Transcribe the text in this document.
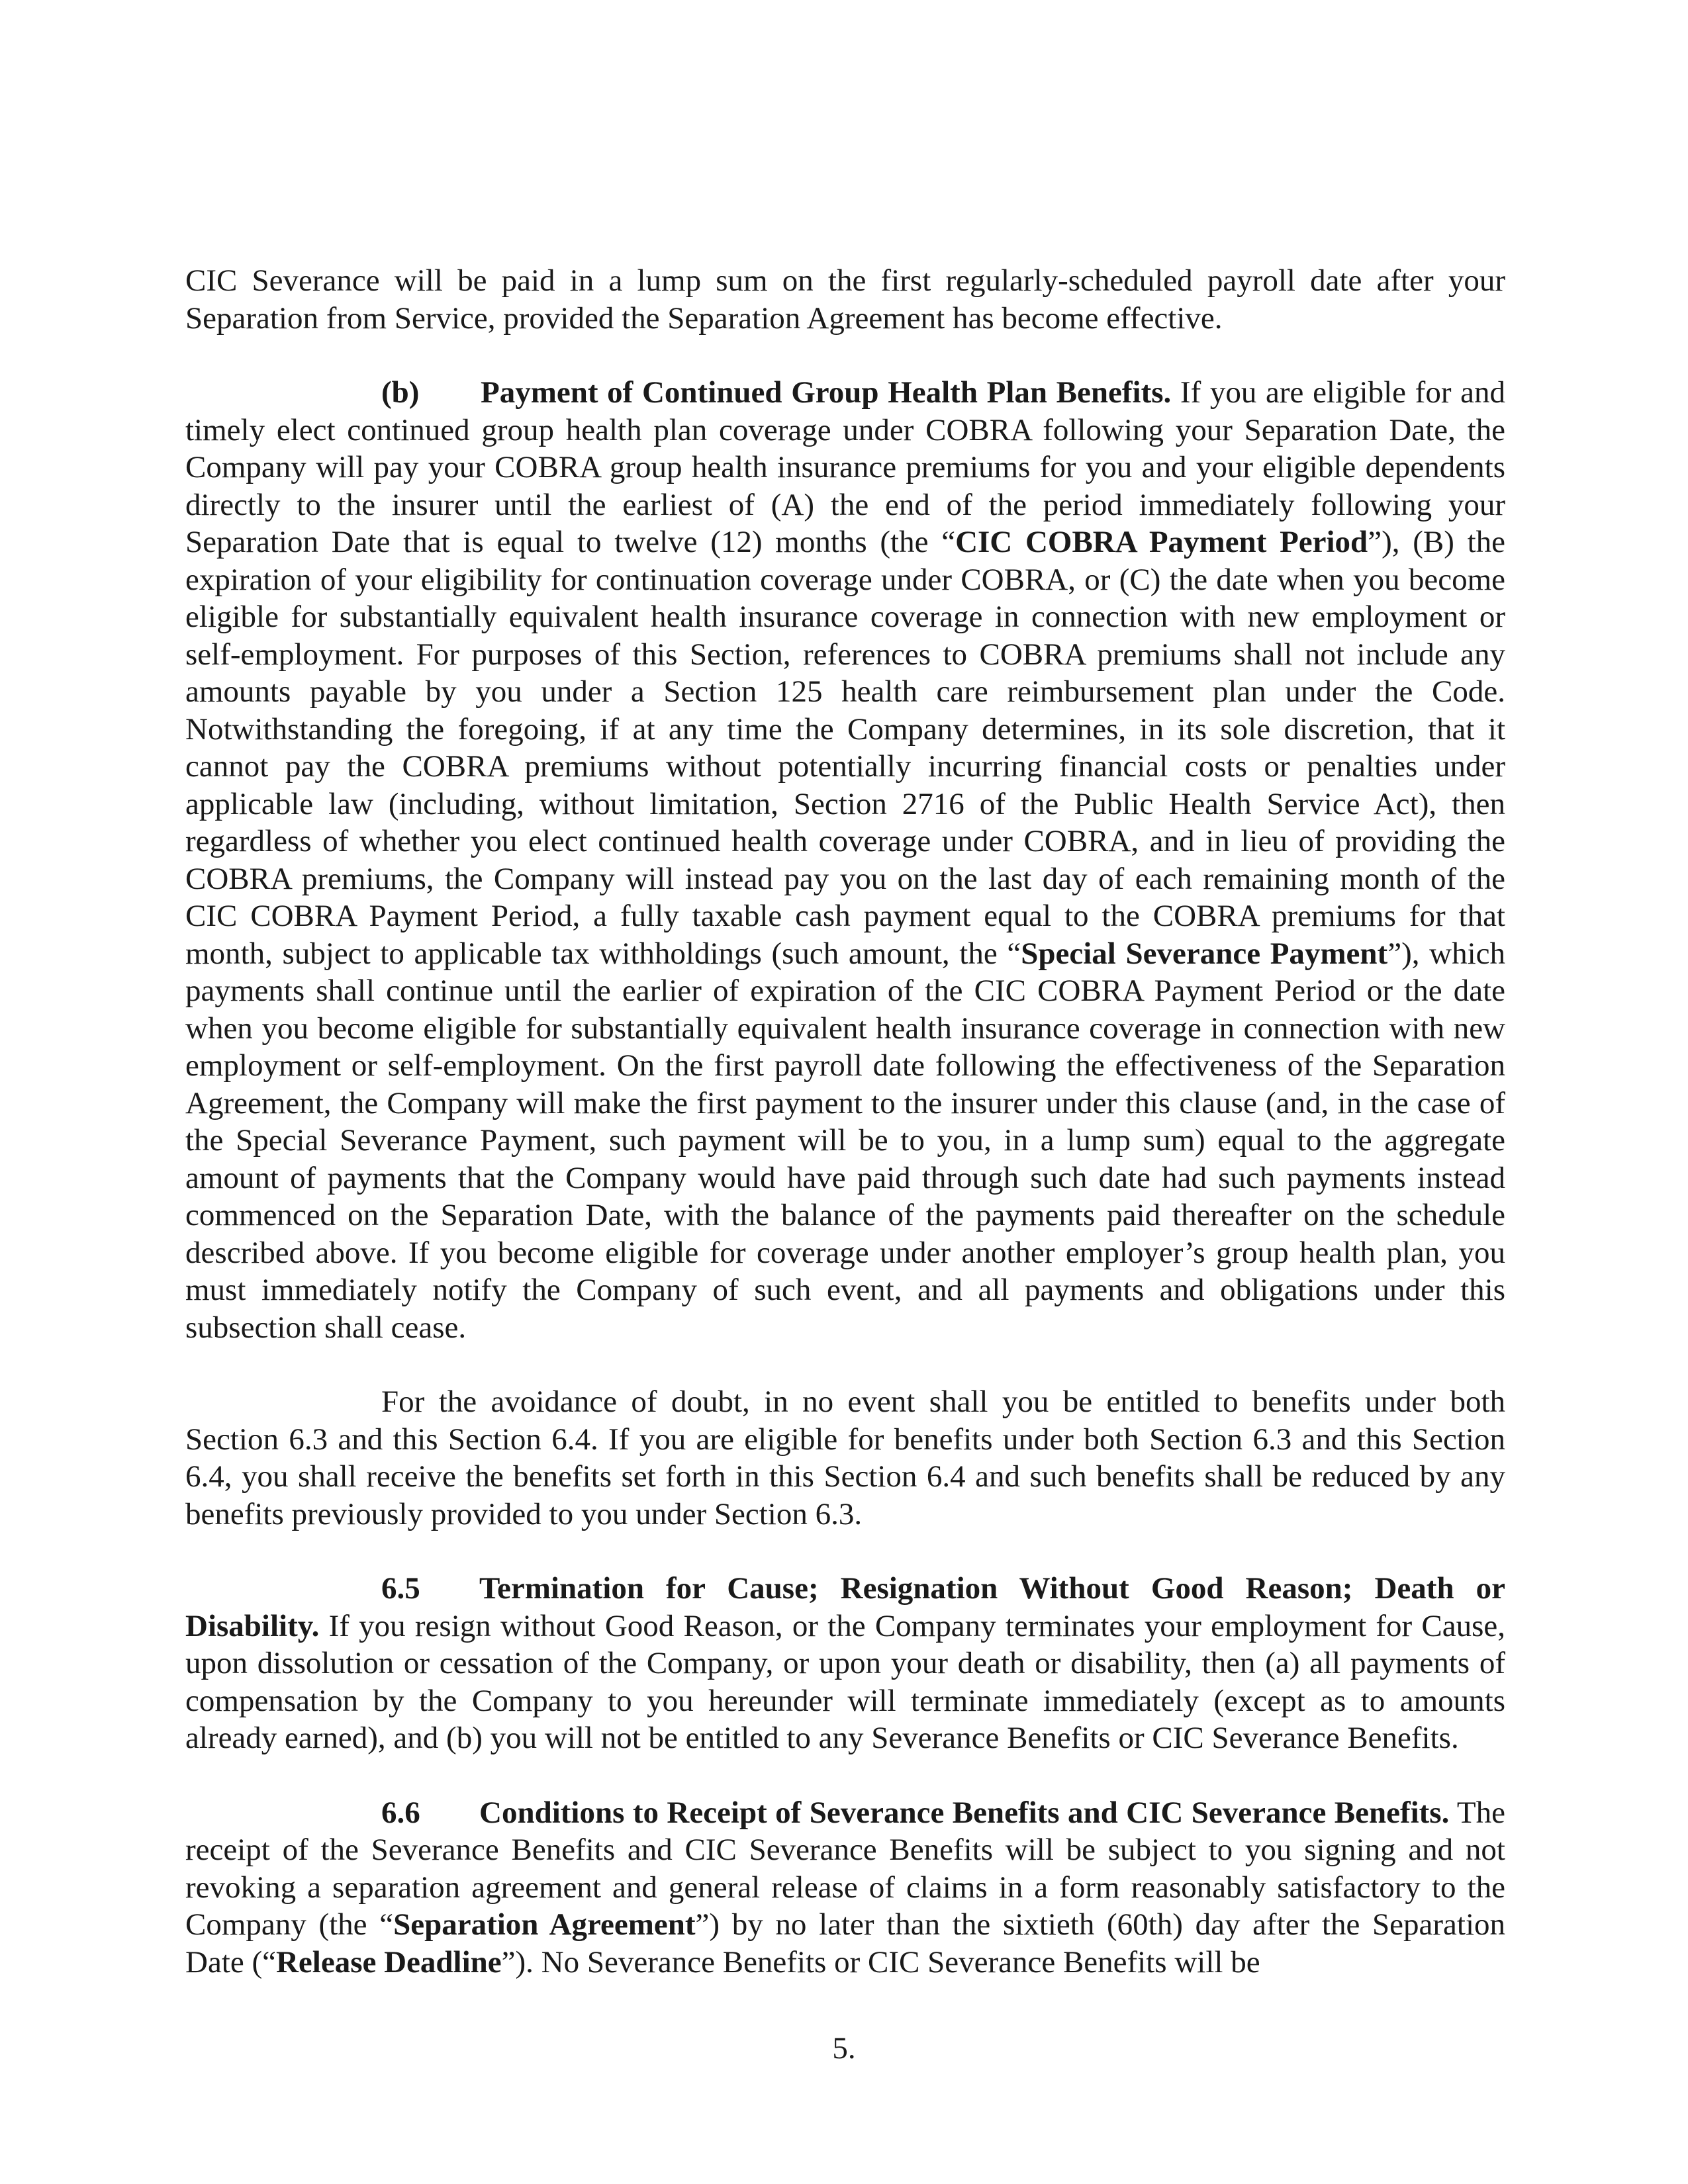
CIC Severance will be paid in a lump sum on the first regularly-scheduled payroll date after your Separation from Service, provided the Separation Agreement has become effective.

(b) Payment of Continued Group Health Plan Benefits. If you are eligible for and timely elect continued group health plan coverage under COBRA following your Separation Date, the Company will pay your COBRA group health insurance premiums for you and your eligible dependents directly to the insurer until the earliest of (A) the end of the period immediately following your Separation Date that is equal to twelve (12) months (the “CIC COBRA Payment Period”), (B) the expiration of your eligibility for continuation coverage under COBRA, or (C) the date when you become eligible for substantially equivalent health insurance coverage in connection with new employment or self-employment. For purposes of this Section, references to COBRA premiums shall not include any amounts payable by you under a Section 125 health care reimbursement plan under the Code. Notwithstanding the foregoing, if at any time the Company determines, in its sole discretion, that it cannot pay the COBRA premiums without potentially incurring financial costs or penalties under applicable law (including, without limitation, Section 2716 of the Public Health Service Act), then regardless of whether you elect continued health coverage under COBRA, and in lieu of providing the COBRA premiums, the Company will instead pay you on the last day of each remaining month of the CIC COBRA Payment Period, a fully taxable cash payment equal to the COBRA premiums for that month, subject to applicable tax withholdings (such amount, the “Special Severance Payment”), which payments shall continue until the earlier of expiration of the CIC COBRA Payment Period or the date when you become eligible for substantially equivalent health insurance coverage in connection with new employment or self-employment. On the first payroll date following the effectiveness of the Separation Agreement, the Company will make the first payment to the insurer under this clause (and, in the case of the Special Severance Payment, such payment will be to you, in a lump sum) equal to the aggregate amount of payments that the Company would have paid through such date had such payments instead commenced on the Separation Date, with the balance of the payments paid thereafter on the schedule described above. If you become eligible for coverage under another employer’s group health plan, you must immediately notify the Company of such event, and all payments and obligations under this subsection shall cease.

For the avoidance of doubt, in no event shall you be entitled to benefits under both Section 6.3 and this Section 6.4. If you are eligible for benefits under both Section 6.3 and this Section 6.4, you shall receive the benefits set forth in this Section 6.4 and such benefits shall be reduced by any benefits previously provided to you under Section 6.3.

6.5 Termination for Cause; Resignation Without Good Reason; Death or Disability. If you resign without Good Reason, or the Company terminates your employment for Cause, upon dissolution or cessation of the Company, or upon your death or disability, then (a) all payments of compensation by the Company to you hereunder will terminate immediately (except as to amounts already earned), and (b) you will not be entitled to any Severance Benefits or CIC Severance Benefits.

6.6 Conditions to Receipt of Severance Benefits and CIC Severance Benefits. The receipt of the Severance Benefits and CIC Severance Benefits will be subject to you signing and not revoking a separation agreement and general release of claims in a form reasonably satisfactory to the Company (the “Separation Agreement”) by no later than the sixtieth (60th) day after the Separation Date (“Release Deadline”). No Severance Benefits or CIC Severance Benefits will be

5.
